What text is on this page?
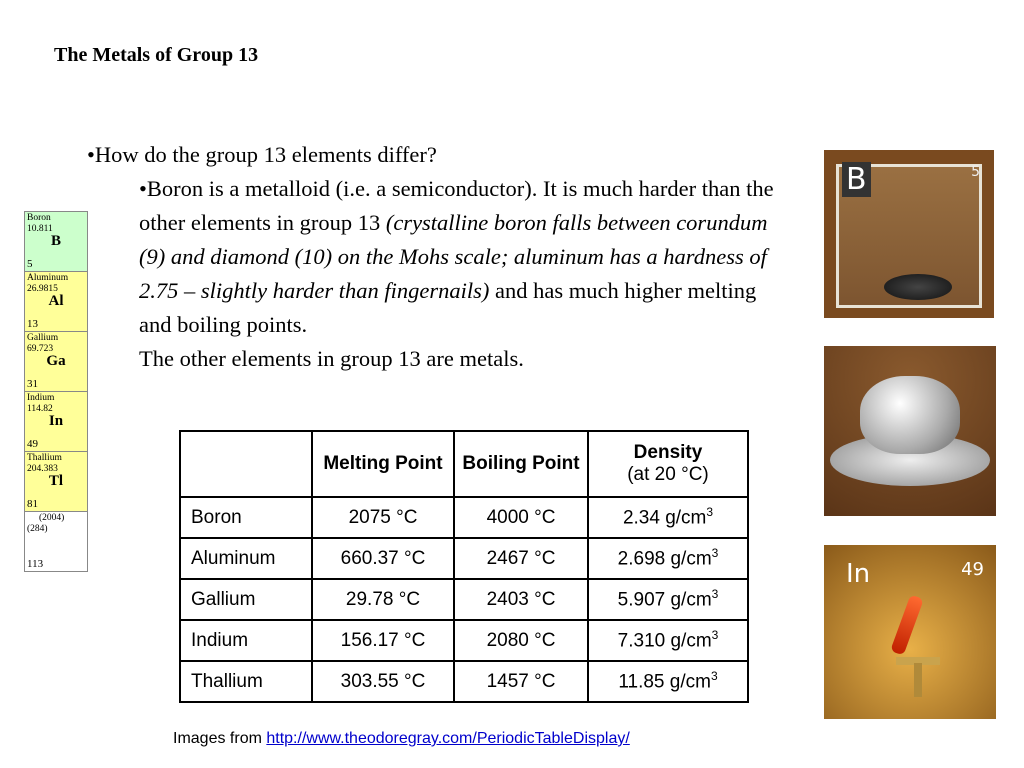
The Metals of Group 13

•How do the group 13 elements differ?

•Boron is a metalloid (i.e. a semiconductor). It is much harder than the other elements in group 13 (crystalline boron falls between corundum (9) and diamond (10) on the Mohs scale; aluminum has a hardness of 2.75 – slightly harder than fingernails) and has much higher melting and boiling points.

The other elements in group 13 are metals.

Boron
10.811
B
5
Aluminum
26.9815
Al
13
Gallium
69.723
Ga
31
Indium
114.82
In
49
Thallium
204.383
Tl
81
(2004)
(284)
113
B	5
In	49
	Melting Point	Boiling Point	Density
(at 20 °C)

Boron	2075 °C	4000 °C	2.34 $g/cm^3$
Aluminum	660.37 °C	2467 °C	2.698 $g/cm^3$
Gallium	29.78 °C	2403 °C	5.907 $g/cm^3$
Indium	156.17 °C	2080 °C	7.310 $g/cm^3$
Thallium	303.55 °C	1457 °C	11.85 $g/cm^3$
Images from http://www.theodoregray.com/PeriodicTableDisplay/
